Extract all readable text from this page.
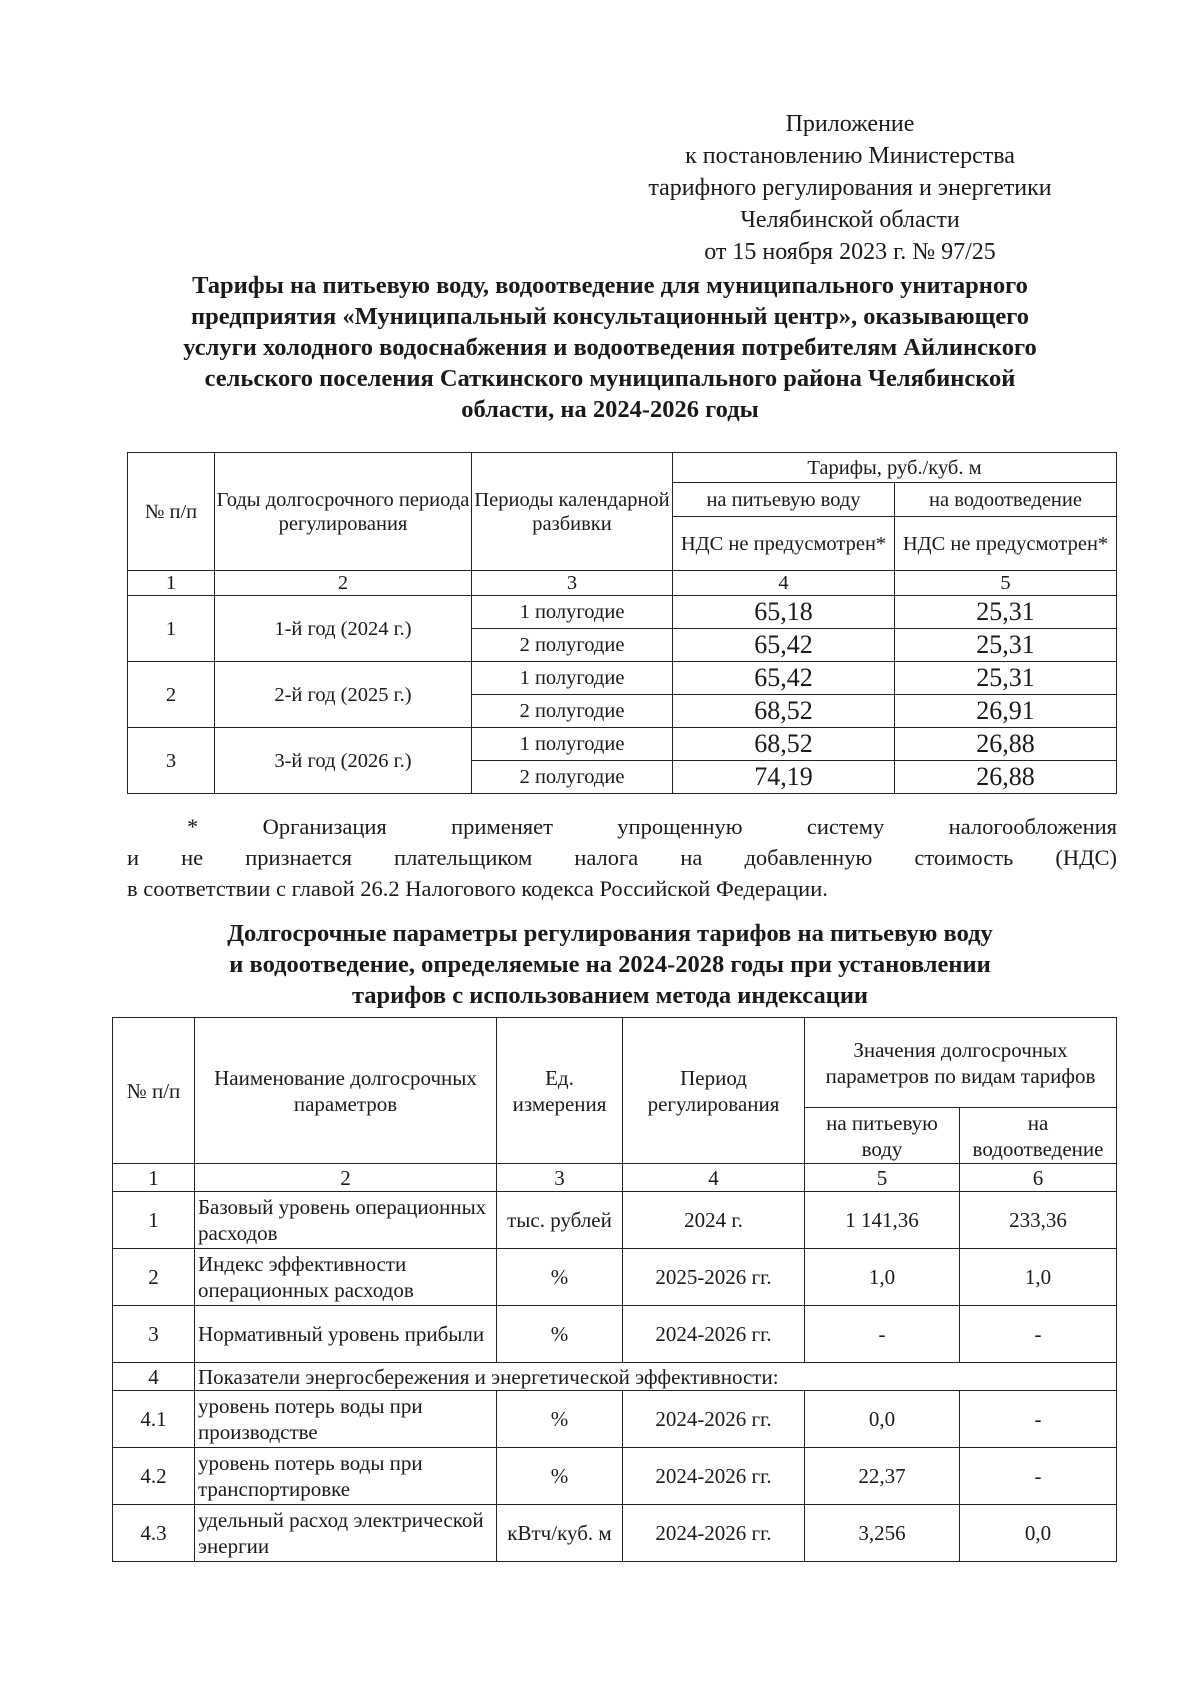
Приложение
к постановлению Министерства
тарифного регулирования и энергетики
Челябинской области
от 15 ноября 2023 г. № 97/25
Тарифы на питьевую воду, водоотведение для муниципального унитарного
предприятия «Муниципальный консультационный центр», оказывающего
услуги холодного водоснабжения и водоотведения потребителям Айлинского
сельского поселения Саткинского муниципального района Челябинской
области, на 2024-2026 годы
№ п/п	Годы долгосрочного периода регулирования	Периоды календарной разбивки	Тарифы, руб./куб. м	
			на питьевую воду	на водоотведение
			НДС не предусмотрен*	НДС не предусмотрен*
1	2	3	4	5
1	1-й год (2024 г.)	1 полугодие	65,18	25,31
		2 полугодие	65,42	25,31
2	2-й год (2025 г.)	1 полугодие	65,42	25,31
		2 полугодие	68,52	26,91
3	3-й год (2026 г.)	1 полугодие	68,52	26,88
		2 полугодие	74,19	26,88
* Организация применяет упрощенную систему налогообложения
и не признается плательщиком налога на добавленную стоимость (НДС)
в соответствии с главой 26.2 Налогового кодекса Российской Федерации.
Долгосрочные параметры регулирования тарифов на питьевую воду
и водоотведение, определяемые на 2024-2028 годы при установлении
тарифов с использованием метода индексации
№ п/п	Наименование долгосрочных параметров	Ед. измерения	Период регулирования	Значения долгосрочных параметров по видам тарифов	
				на питьевую воду	на водоотведение
1	2	3	4	5	6
1	Базовый уровень операционных расходов	тыс. рублей	2024 г.	1 141,36	233,36
2	Индекс эффективности операционных расходов	%	2025-2026 гг.	1,0	1,0
3	Нормативный уровень прибыли	%	2024-2026 гг.	-	-
4	Показатели энергосбережения и энергетической эффективности:				
4.1	уровень потерь воды при производстве	%	2024-2026 гг.	0,0	-
4.2	уровень потерь воды при транспортировке	%	2024-2026 гг.	22,37	-
4.3	удельный расход электрической энергии	кВтч/куб. м	2024-2026 гг.	3,256	0,0
